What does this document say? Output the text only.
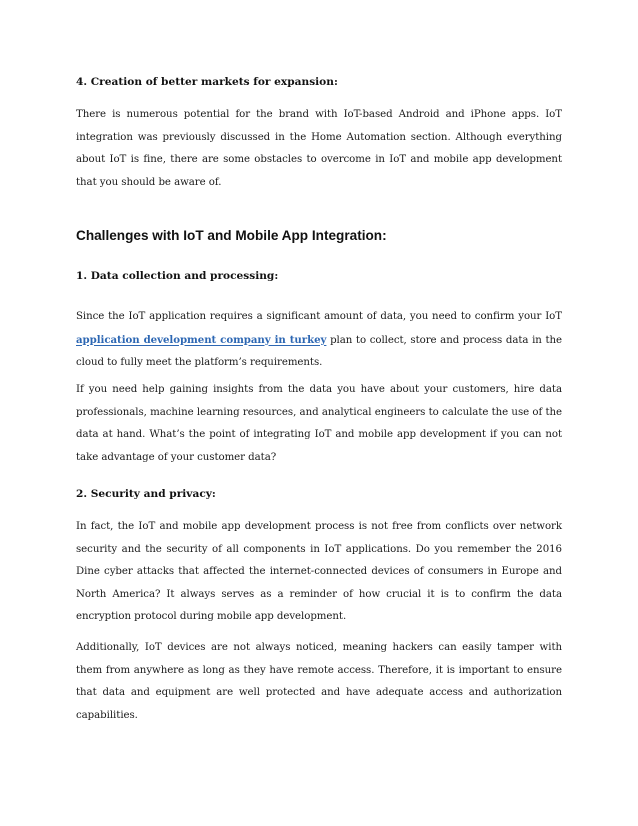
4. Creation of better markets for expansion:

There is numerous potential for the brand with IoT-based Android and iPhone apps. IoT integration was previously discussed in the Home Automation section. Although everything about IoT is fine, there are some obstacles to overcome in IoT and mobile app development that you should be aware of.

Challenges with IoT and Mobile App Integration:

1. Data collection and processing:

Since the IoT application requires a significant amount of data, you need to confirm your IoT application development company in turkey plan to collect, store and process data in the cloud to fully meet the platform’s requirements.

If you need help gaining insights from the data you have about your customers, hire data professionals, machine learning resources, and analytical engineers to calculate the use of the data at hand. What’s the point of integrating IoT and mobile app development if you can not take advantage of your customer data?

2. Security and privacy:

In fact, the IoT and mobile app development process is not free from conflicts over network security and the security of all components in IoT applications. Do you remember the 2016 Dine cyber attacks that affected the internet-connected devices of consumers in Europe and North America? It always serves as a reminder of how crucial it is to confirm the data encryption protocol during mobile app development.

Additionally, IoT devices are not always noticed, meaning hackers can easily tamper with them from anywhere as long as they have remote access. Therefore, it is important to ensure that data and equipment are well protected and have adequate access and authorization capabilities.
